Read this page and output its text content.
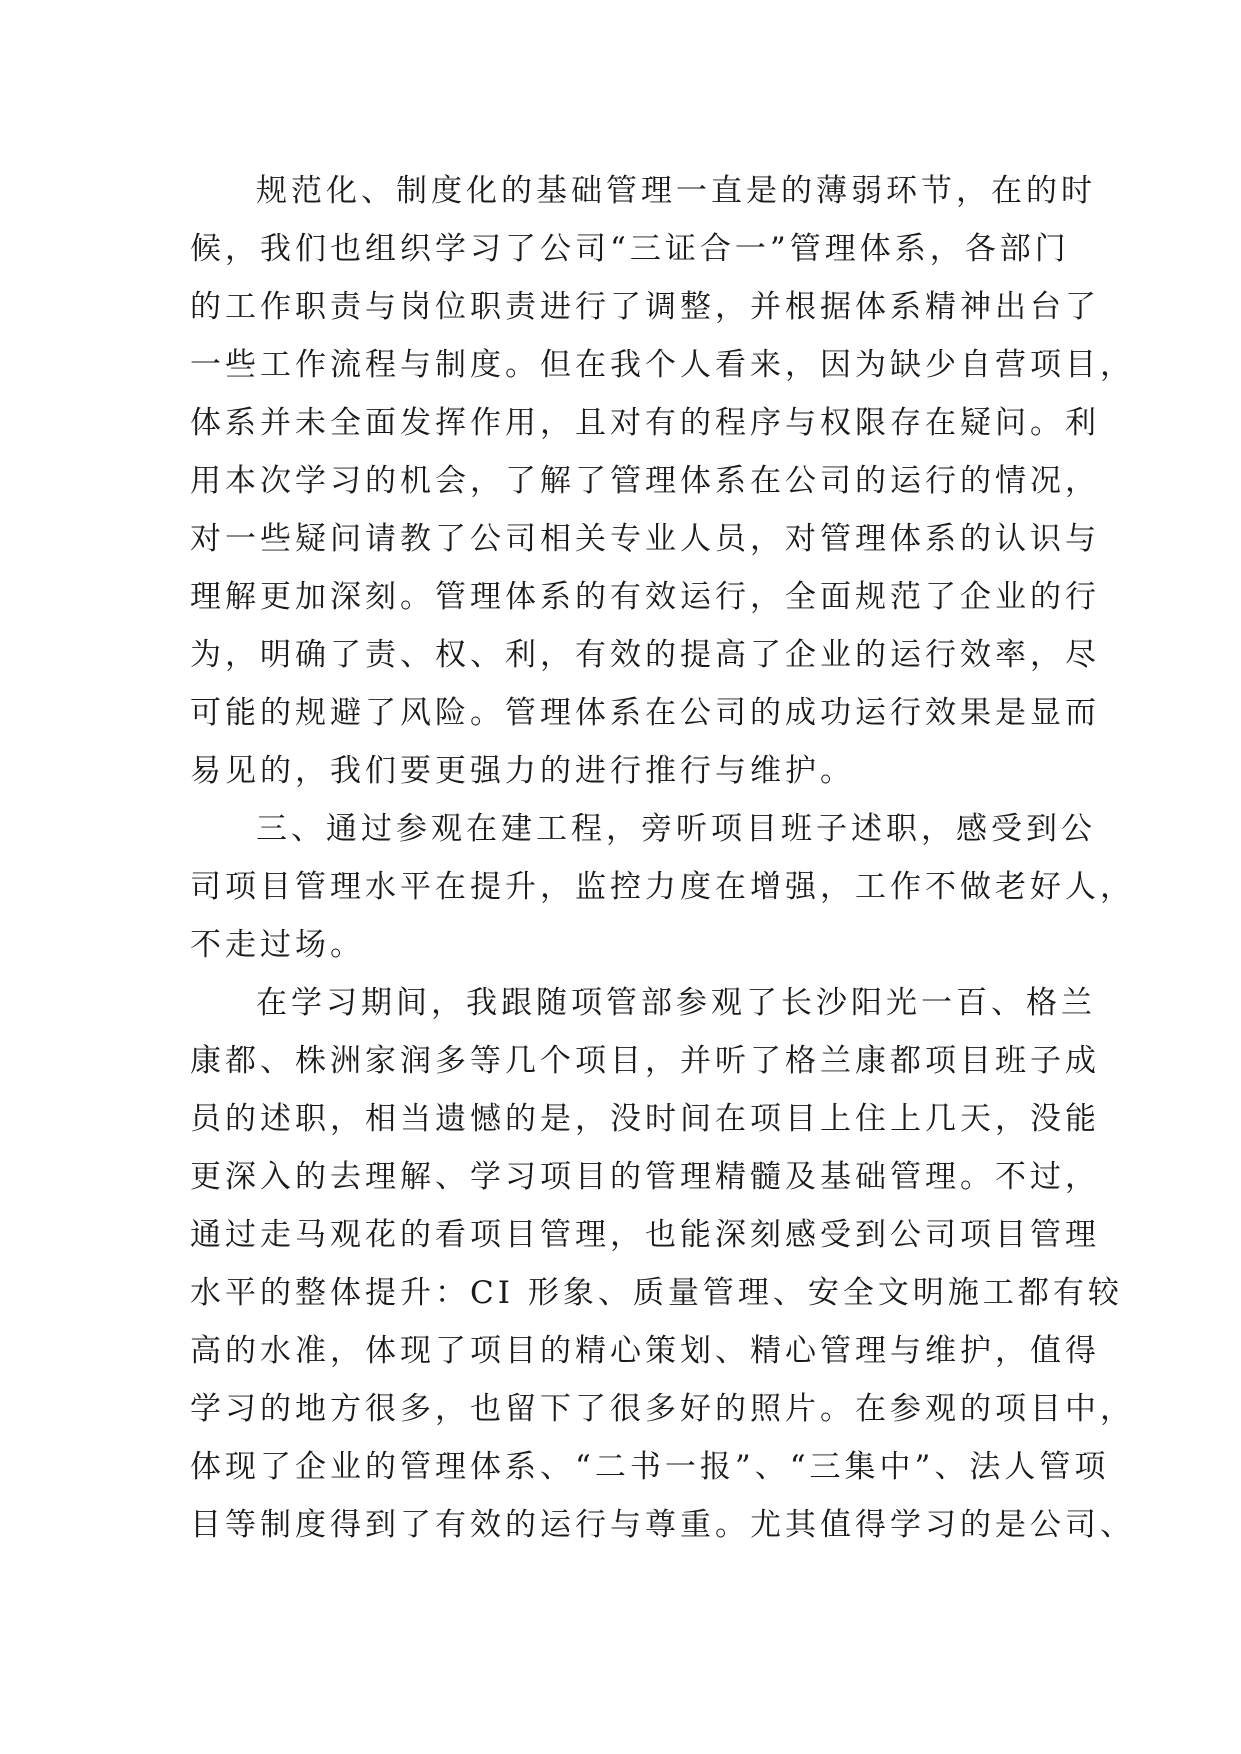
规范化、制度化的基础管理一直是的薄弱环节，在的时
候，我们也组织学习了公司“三证合一”管理体系，各部门
的工作职责与岗位职责进行了调整，并根据体系精神出台了
一些工作流程与制度。但在我个人看来，因为缺少自营项目，
体系并未全面发挥作用，且对有的程序与权限存在疑问。利
用本次学习的机会，了解了管理体系在公司的运行的情况，
对一些疑问请教了公司相关专业人员，对管理体系的认识与
理解更加深刻。管理体系的有效运行，全面规范了企业的行
为，明确了责、权、利，有效的提高了企业的运行效率，尽
可能的规避了风险。管理体系在公司的成功运行效果是显而
易见的，我们要更强力的进行推行与维护。
三、通过参观在建工程，旁听项目班子述职，感受到公
司项目管理水平在提升，监控力度在增强，工作不做老好人，
不走过场。
在学习期间，我跟随项管部参观了长沙阳光一百、格兰
康都、株洲家润多等几个项目，并听了格兰康都项目班子成
员的述职，相当遗憾的是，没时间在项目上住上几天，没能
更深入的去理解、学习项目的管理精髓及基础管理。不过，
通过走马观花的看项目管理，也能深刻感受到公司项目管理
水平的整体提升：CI 形象、质量管理、安全文明施工都有较
高的水准，体现了项目的精心策划、精心管理与维护，值得
学习的地方很多，也留下了很多好的照片。在参观的项目中，
体现了企业的管理体系、“二书一报”、“三集中”、法人管项
目等制度得到了有效的运行与尊重。尤其值得学习的是公司、
